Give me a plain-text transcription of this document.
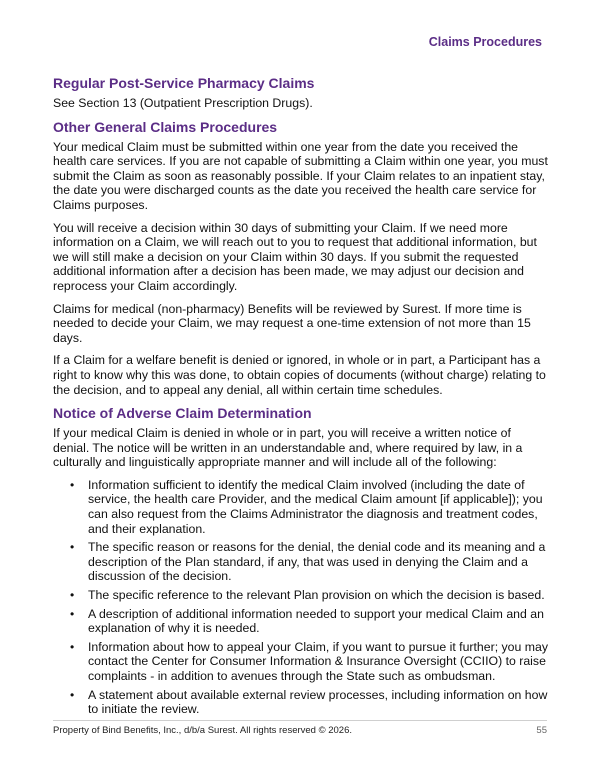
Claims Procedures
Regular Post-Service Pharmacy Claims

See Section 13 (Outpatient Prescription Drugs).

Other General Claims Procedures

Your medical Claim must be submitted within one year from the date you received the health care services. If you are not capable of submitting a Claim within one year, you must submit the Claim as soon as reasonably possible. If your Claim relates to an inpatient stay, the date you were discharged counts as the date you received the health care service for Claims purposes.

You will receive a decision within 30 days of submitting your Claim. If we need more information on a Claim, we will reach out to you to request that additional information, but we will still make a decision on your Claim within 30 days. If you submit the requested additional information after a decision has been made, we may adjust our decision and reprocess your Claim accordingly.

Claims for medical (non-pharmacy) Benefits will be reviewed by Surest. If more time is needed to decide your Claim, we may request a one-time extension of not more than 15 days.

If a Claim for a welfare benefit is denied or ignored, in whole or in part, a Participant has a right to know why this was done, to obtain copies of documents (without charge) relating to the decision, and to appeal any denial, all within certain time schedules.

Notice of Adverse Claim Determination

If your medical Claim is denied in whole or in part, you will receive a written notice of denial. The notice will be written in an understandable and, where required by law, in a culturally and linguistically appropriate manner and will include all of the following:

• Information sufficient to identify the medical Claim involved (including the date of service, the health care Provider, and the medical Claim amount [if applicable]); you can also request from the Claims Administrator the diagnosis and treatment codes, and their explanation.
• The specific reason or reasons for the denial, the denial code and its meaning and a description of the Plan standard, if any, that was used in denying the Claim and a discussion of the decision.
• The specific reference to the relevant Plan provision on which the decision is based.
• A description of additional information needed to support your medical Claim and an explanation of why it is needed.
• Information about how to appeal your Claim, if you want to pursue it further; you may contact the Center for Consumer Information & Insurance Oversight (CCIIO) to raise complaints - in addition to avenues through the State such as ombudsman.
• A statement about available external review processes, including information on how to initiate the review.
Property of Bind Benefits, Inc., d/b/a Surest. All rights reserved © 2026.	55
